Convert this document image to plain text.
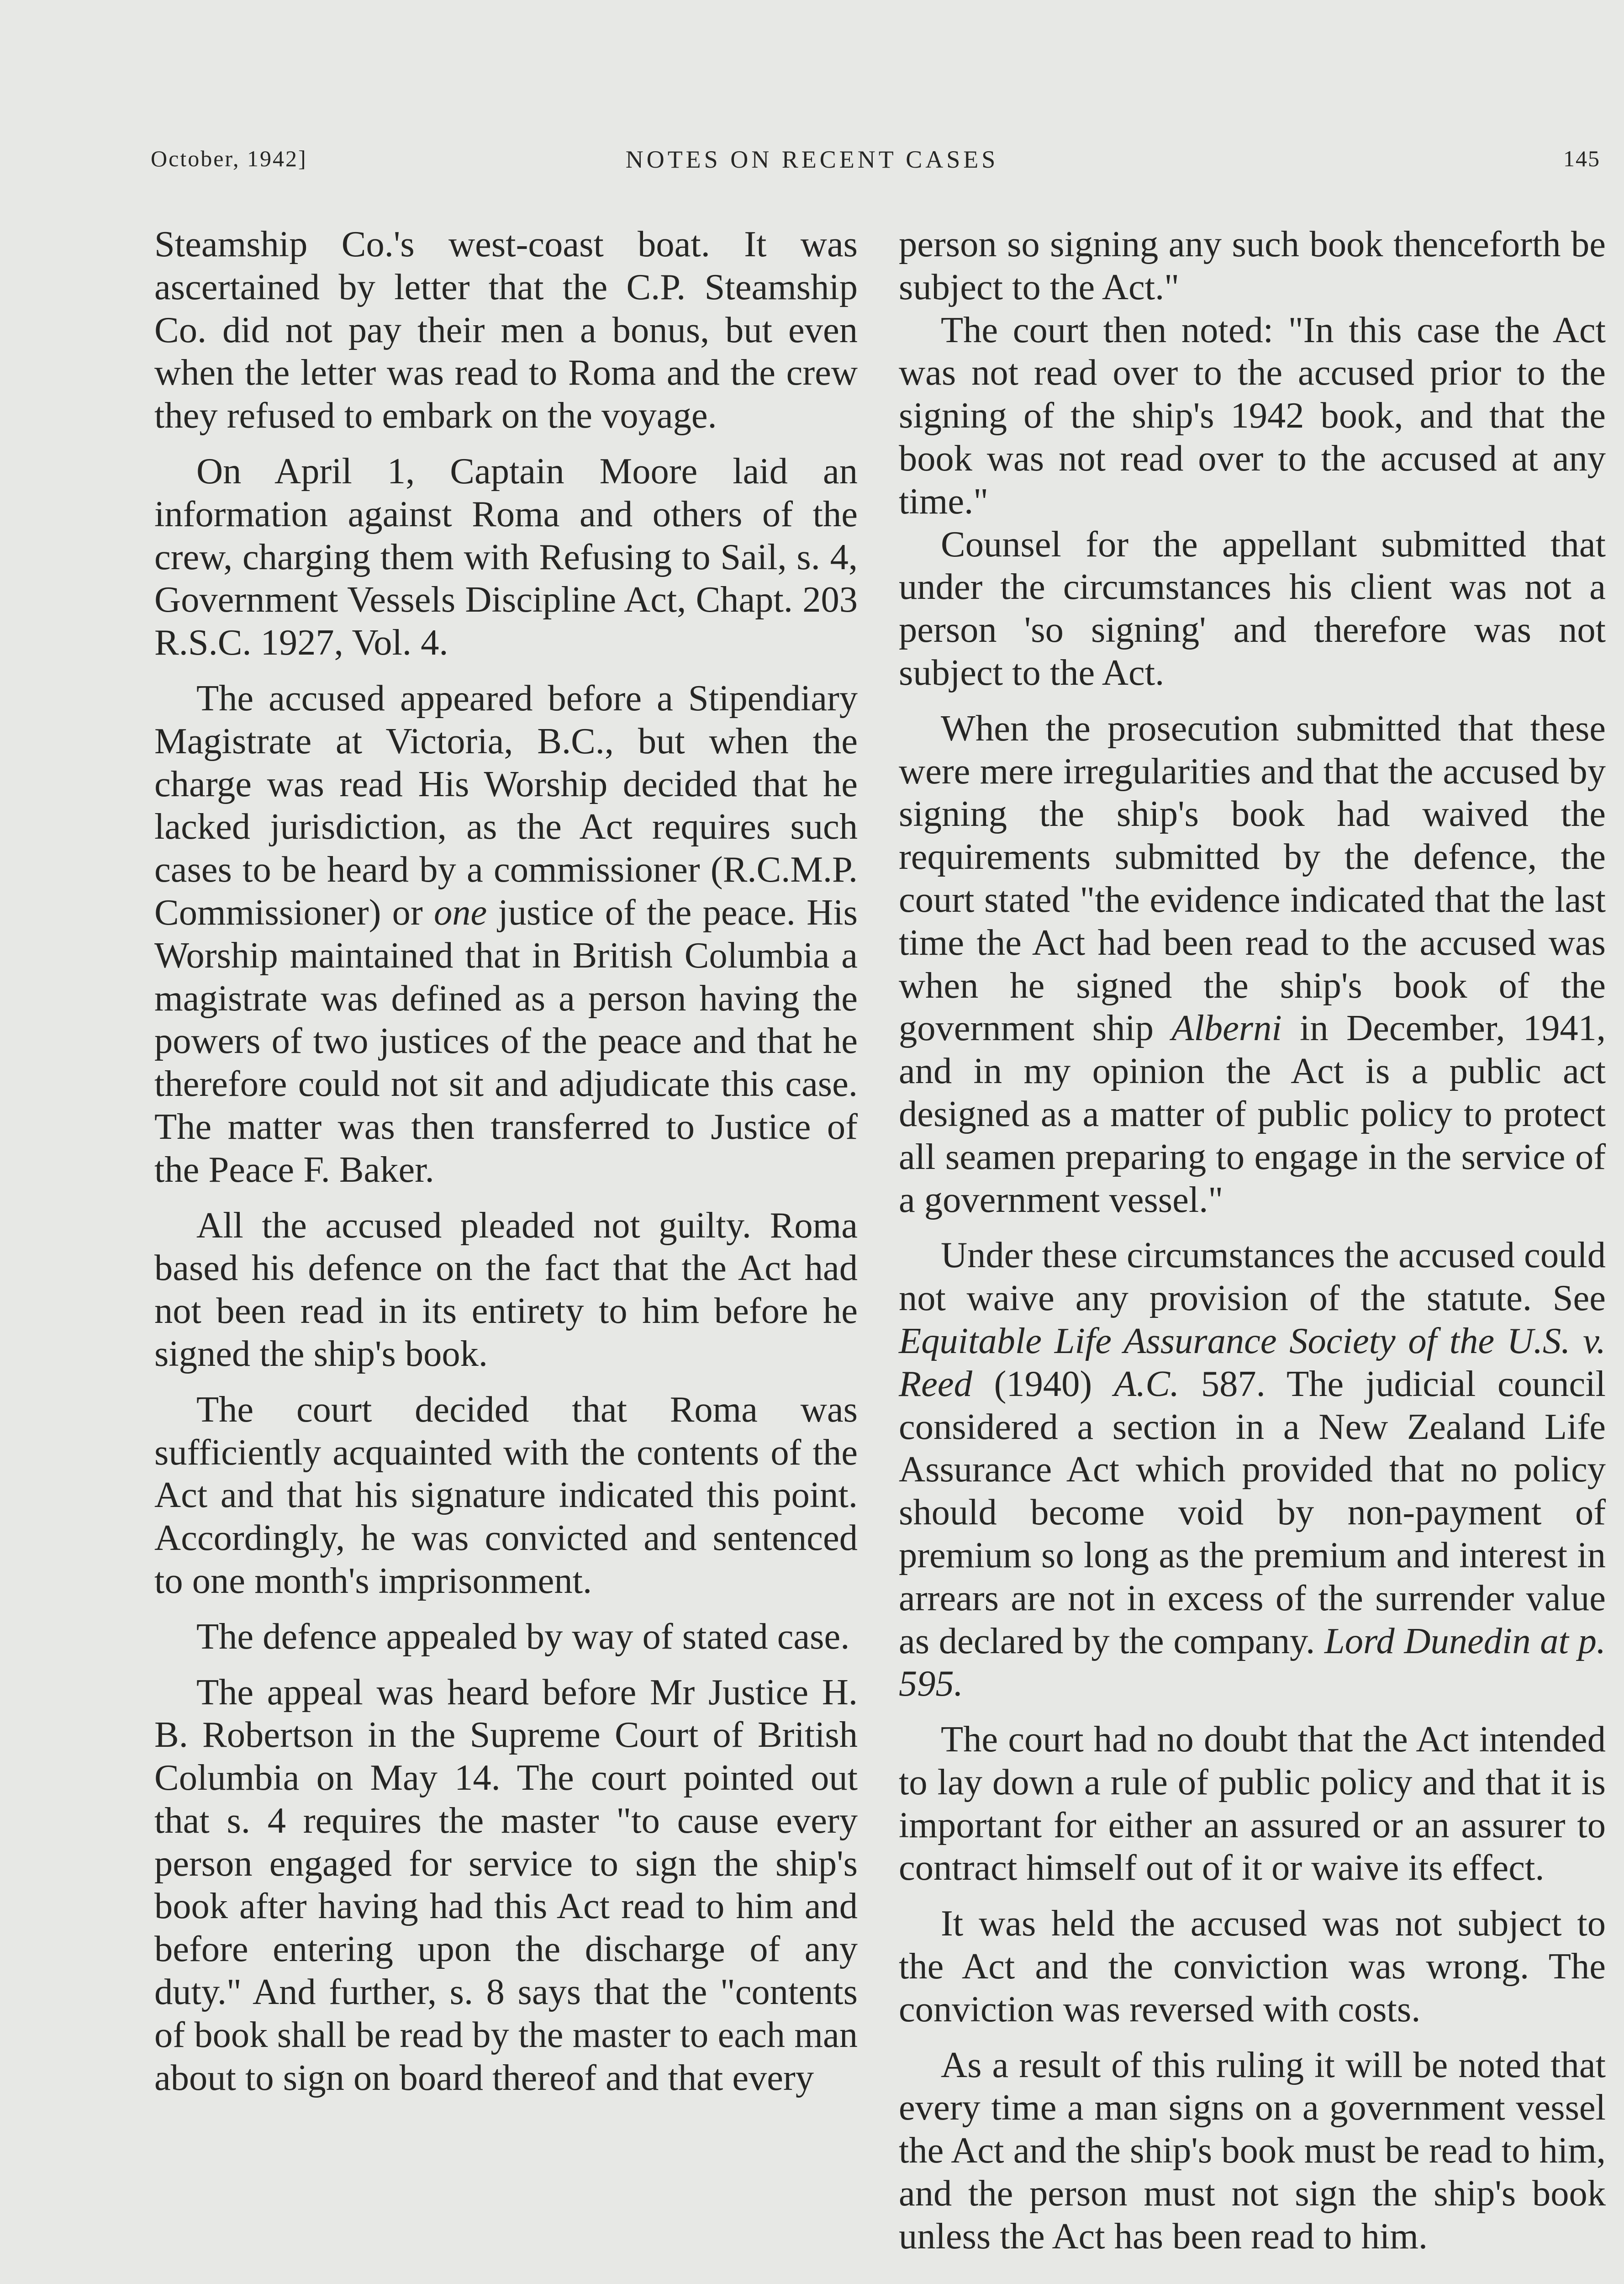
October, 1942]	NOTES ON RECENT CASES	145

Steamship Co.'s west-coast boat. It was ascertained by letter that the C.P. Steamship Co. did not pay their men a bonus, but even when the letter was read to Roma and the crew they refused to embark on the voyage.

On April 1, Captain Moore laid an information against Roma and others of the crew, charging them with Refusing to Sail, s. 4, Government Vessels Discipline Act, Chapt. 203 R.S.C. 1927, Vol. 4.

The accused appeared before a Stipendiary Magistrate at Victoria, B.C., but when the charge was read His Worship decided that he lacked jurisdiction, as the Act requires such cases to be heard by a commissioner (R.C.M.P. Commissioner) or one justice of the peace. His Worship maintained that in British Columbia a magistrate was defined as a person having the powers of two justices of the peace and that he therefore could not sit and adjudicate this case. The matter was then transferred to Justice of the Peace F. Baker.

All the accused pleaded not guilty. Roma based his defence on the fact that the Act had not been read in its entirety to him before he signed the ship's book.

The court decided that Roma was sufficiently acquainted with the contents of the Act and that his signature indicated this point. Accordingly, he was convicted and sentenced to one month's imprisonment.

The defence appealed by way of stated case.

The appeal was heard before Mr Justice H. B. Robertson in the Supreme Court of British Columbia on May 14. The court pointed out that s. 4 requires the master "to cause every person engaged for service to sign the ship's book after having had this Act read to him and before entering upon the discharge of any duty." And further, s. 8 says that the "contents of book shall be read by the master to each man about to sign on board thereof and that every

person so signing any such book thenceforth be subject to the Act."

The court then noted: "In this case the Act was not read over to the accused prior to the signing of the ship's 1942 book, and that the book was not read over to the accused at any time."

Counsel for the appellant submitted that under the circumstances his client was not a person 'so signing' and therefore was not subject to the Act.

When the prosecution submitted that these were mere irregularities and that the accused by signing the ship's book had waived the requirements submitted by the defence, the court stated "the evidence indicated that the last time the Act had been read to the accused was when he signed the ship's book of the government ship Alberni in December, 1941, and in my opinion the Act is a public act designed as a matter of public policy to protect all seamen preparing to engage in the service of a government vessel."

Under these circumstances the accused could not waive any provision of the statute. See Equitable Life Assurance Society of the U.S. v. Reed (1940) A.C. 587. The judicial council considered a section in a New Zealand Life Assurance Act which provided that no policy should become void by non-payment of premium so long as the premium and interest in arrears are not in excess of the surrender value as declared by the company. Lord Dunedin at p. 595.

The court had no doubt that the Act intended to lay down a rule of public policy and that it is important for either an assured or an assurer to contract himself out of it or waive its effect.

It was held the accused was not subject to the Act and the conviction was wrong. The conviction was reversed with costs.

As a result of this ruling it will be noted that every time a man signs on a government vessel the Act and the ship's book must be read to him, and the person must not sign the ship's book unless the Act has been read to him.
